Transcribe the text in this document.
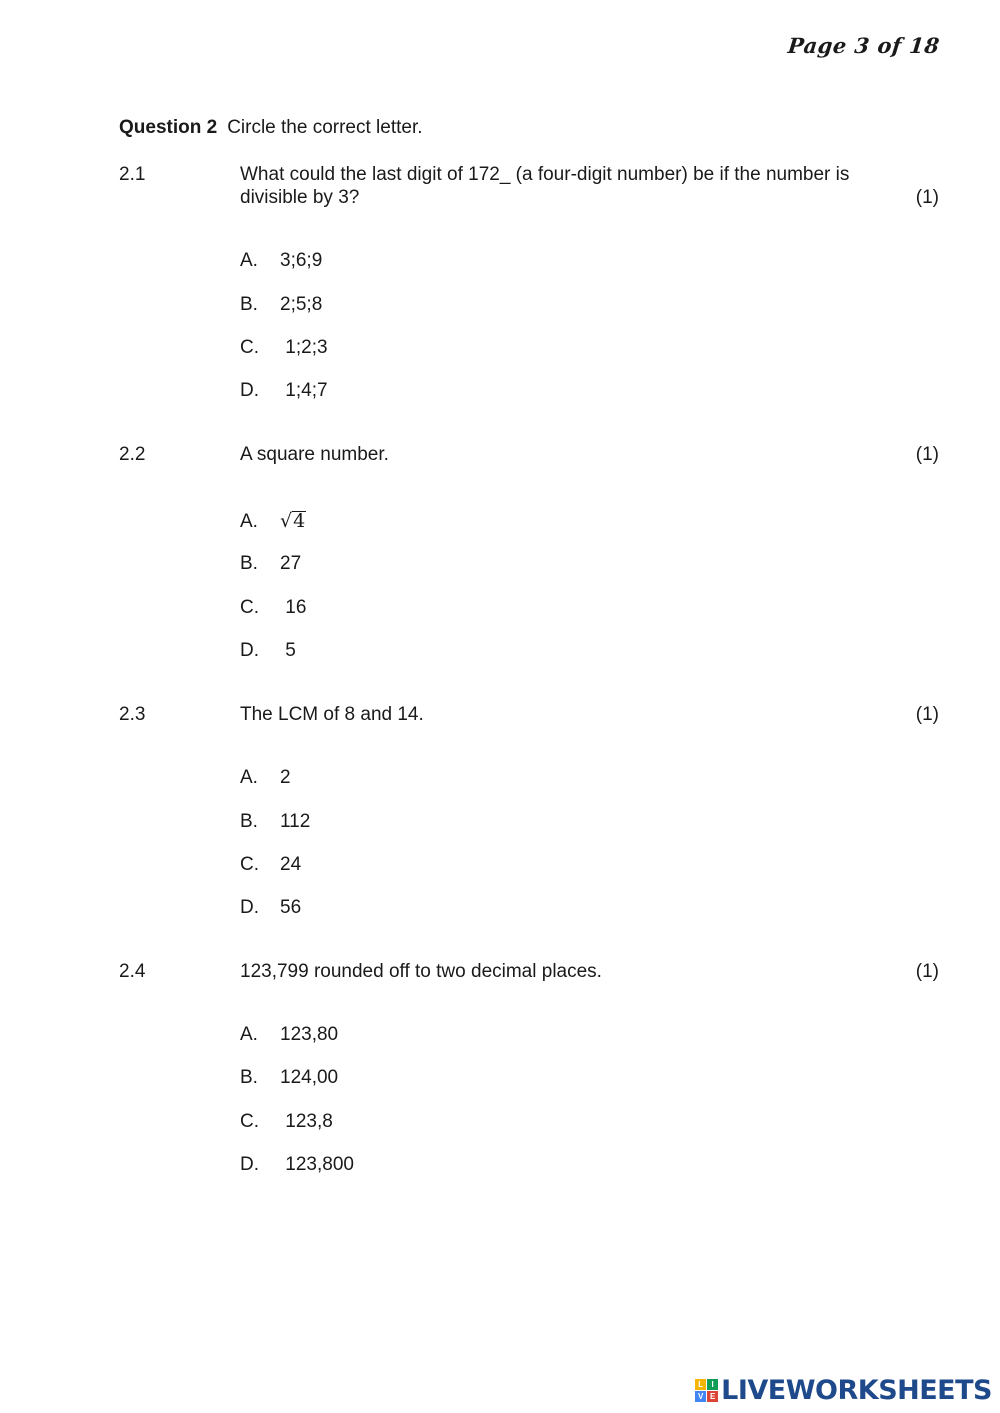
Page 3 of 18
Question 2 Circle the correct letter.
2.1	What could the last digit of 172_ (a four-digit number) be if the number is
divisible by 3?	(1)
A. 3;6;9
B. 2;5;8
C. 1;2;3
D. 1;4;7
2.2	A square number.	(1)
A. √4
B. 27
C. 16
D. 5
2.3	The LCM of 8 and 14.	(1)
A. 2
B. 112
C. 24
D. 56
2.4	123,799 rounded off to two decimal places.	(1)
A. 123,80
B. 124,00
C. 123,8
D. 123,800
L	I
V E LIVEWORKSHEETS
